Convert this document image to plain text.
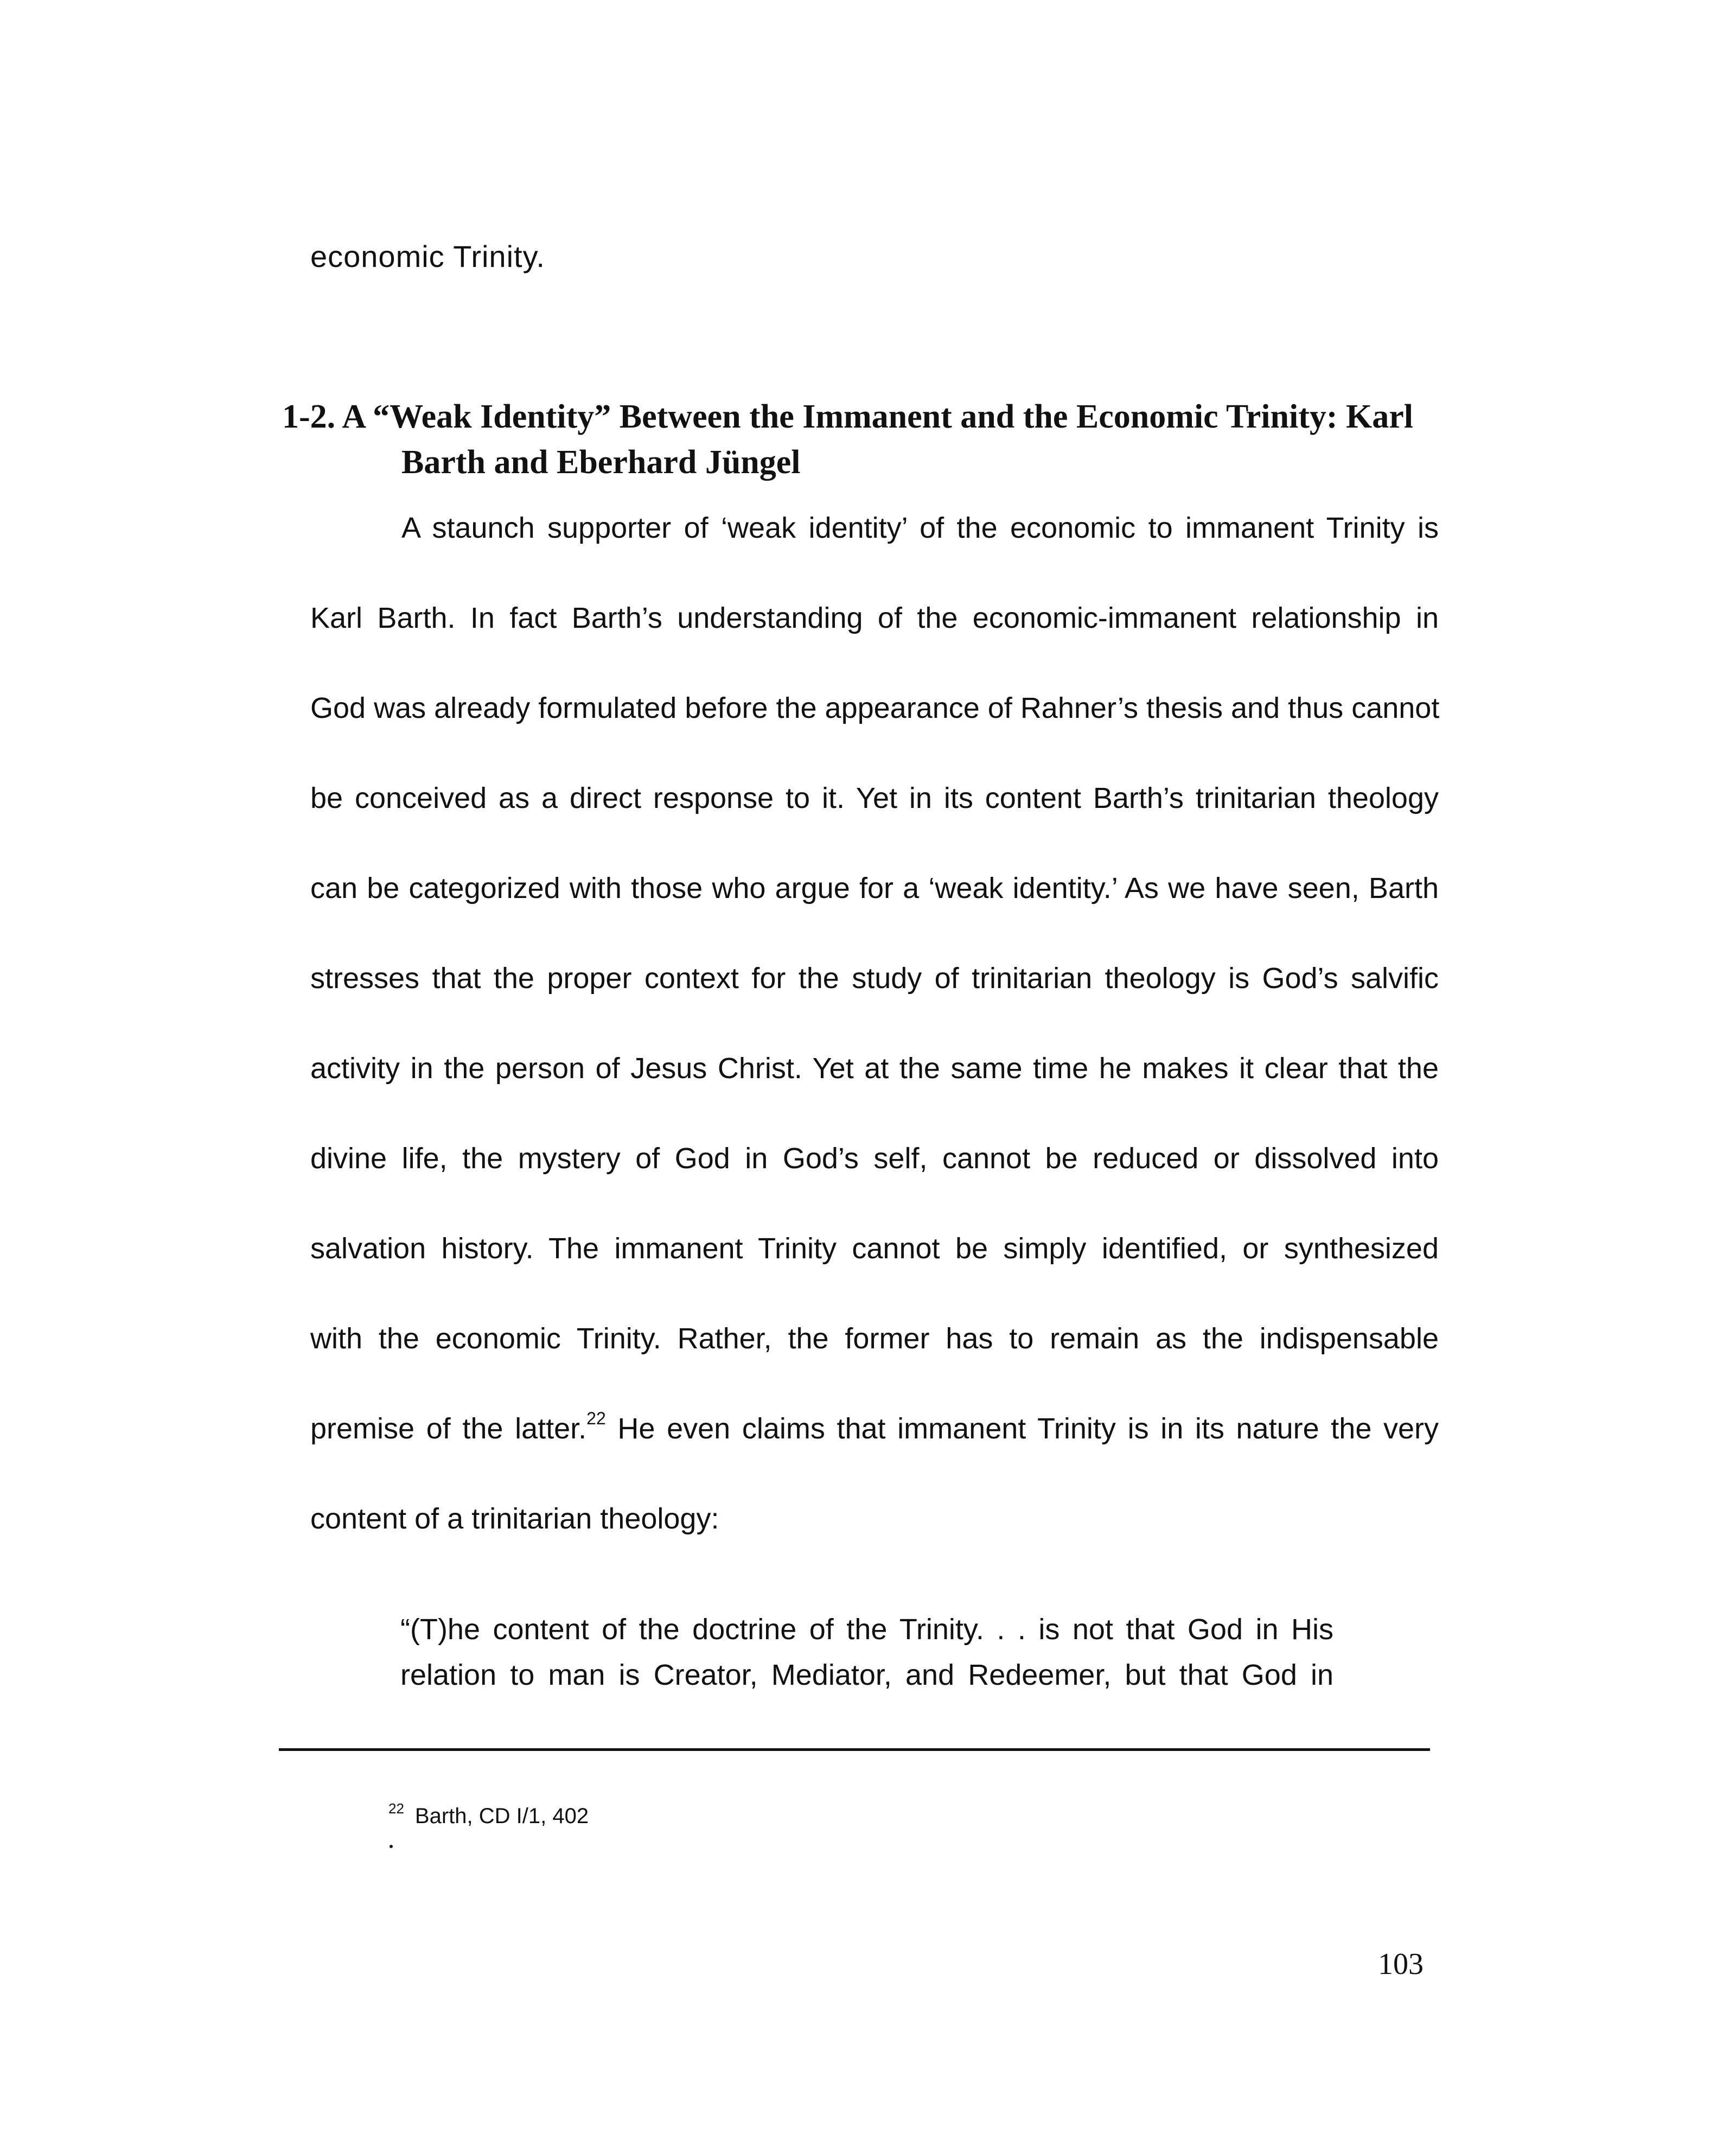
economic Trinity.
1-2. A “Weak Identity” Between the Immanent and the Economic Trinity: Karl
Barth and Eberhard Jüngel
A staunch supporter of ‘weak identity’ of the economic to immanent Trinity is
Karl Barth. In fact Barth’s understanding of the economic-immanent relationship in
God was already formulated before the appearance of Rahner’s thesis and thus cannot
be conceived as a direct response to it. Yet in its content Barth’s trinitarian theology
can be categorized with those who argue for a ‘weak identity.’ As we have seen, Barth
stresses that the proper context for the study of trinitarian theology is God’s salvific
activity in the person of Jesus Christ. Yet at the same time he makes it clear that the
divine life, the mystery of God in God’s self, cannot be reduced or dissolved into
salvation history. The immanent Trinity cannot be simply identified, or synthesized
with the economic Trinity. Rather, the former has to remain as the indispensable
premise of the latter.$^{22}$ He even claims that immanent Trinity is in its nature the very
content of a trinitarian theology:
“(T)he content of the doctrine of the Trinity. . . is not that God in His
relation to man is Creator, Mediator, and Redeemer, but that God in
$^{22}$ Barth, CD I/1, 402
103
